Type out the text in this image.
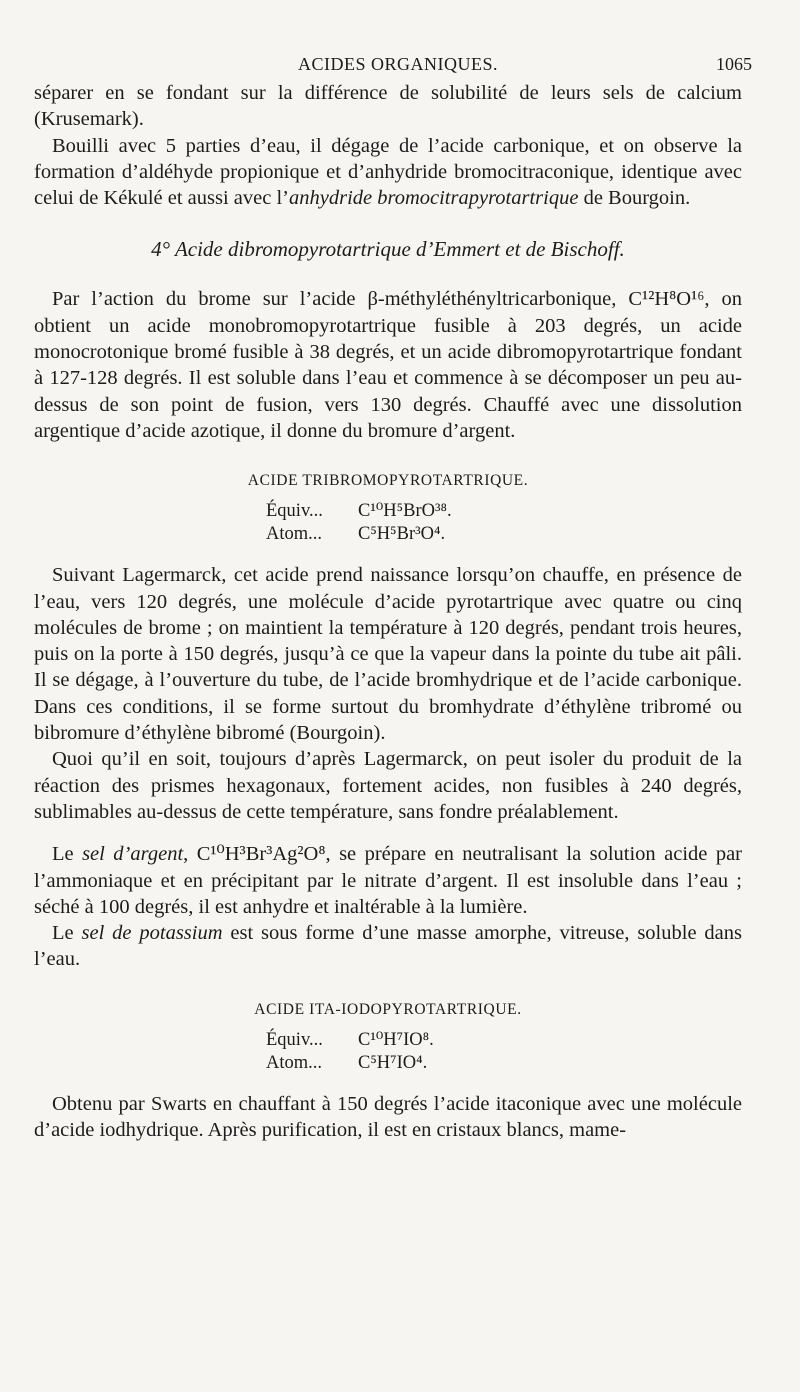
ACIDES ORGANIQUES.	1065

séparer en se fondant sur la différence de solubilité de leurs sels de calcium (Krusemark).

Bouilli avec 5 parties d’eau, il dégage de l’acide carbonique, et on observe la formation d’aldéhyde propionique et d’anhydride bromocitraconique, identique avec celui de Kékulé et aussi avec l’anhydride bromocitrapyrotartrique de Bourgoin.

4° Acide dibromopyrotartrique d’Emmert et de Bischoff.

Par l’action du brome sur l’acide β-méthyléthényltricarbonique, C¹²H⁸O¹⁶, on obtient un acide monobromopyrotartrique fusible à 203 degrés, un acide monocrotonique bromé fusible à 38 degrés, et un acide dibromopyrotartrique fondant à 127-128 degrés. Il est soluble dans l’eau et commence à se décomposer un peu au-dessus de son point de fusion, vers 130 degrés. Chauffé avec une dissolution argentique d’acide azotique, il donne du bromure d’argent.

ACIDE TRIBROMOPYROTARTRIQUE.
Équiv... C¹⁰H⁵BrO³⁸.
Atom... C⁵H⁵Br³O⁴.

Suivant Lagermarck, cet acide prend naissance lorsqu’on chauffe, en présence de l’eau, vers 120 degrés, une molécule d’acide pyrotartrique avec quatre ou cinq molécules de brome ; on maintient la température à 120 degrés, pendant trois heures, puis on la porte à 150 degrés, jusqu’à ce que la vapeur dans la pointe du tube ait pâli. Il se dégage, à l’ouverture du tube, de l’acide bromhydrique et de l’acide carbonique. Dans ces conditions, il se forme surtout du bromhydrate d’éthylène tribromé ou bibromure d’éthylène bibromé (Bourgoin).

Quoi qu’il en soit, toujours d’après Lagermarck, on peut isoler du produit de la réaction des prismes hexagonaux, fortement acides, non fusibles à 240 degrés, sublimables au-dessus de cette température, sans fondre préalablement.

Le sel d’argent, C¹⁰H³Br³Ag²O⁸, se prépare en neutralisant la solution acide par l’ammoniaque et en précipitant par le nitrate d’argent. Il est insoluble dans l’eau ; séché à 100 degrés, il est anhydre et inaltérable à la lumière.

Le sel de potassium est sous forme d’une masse amorphe, vitreuse, soluble dans l’eau.

ACIDE ITA-IODOPYROTARTRIQUE.
Équiv... C¹⁰H⁷IO⁸.
Atom... C⁵H⁷IO⁴.

Obtenu par Swarts en chauffant à 150 degrés l’acide itaconique avec une molécule d’acide iodhydrique. Après purification, il est en cristaux blancs, mame-
